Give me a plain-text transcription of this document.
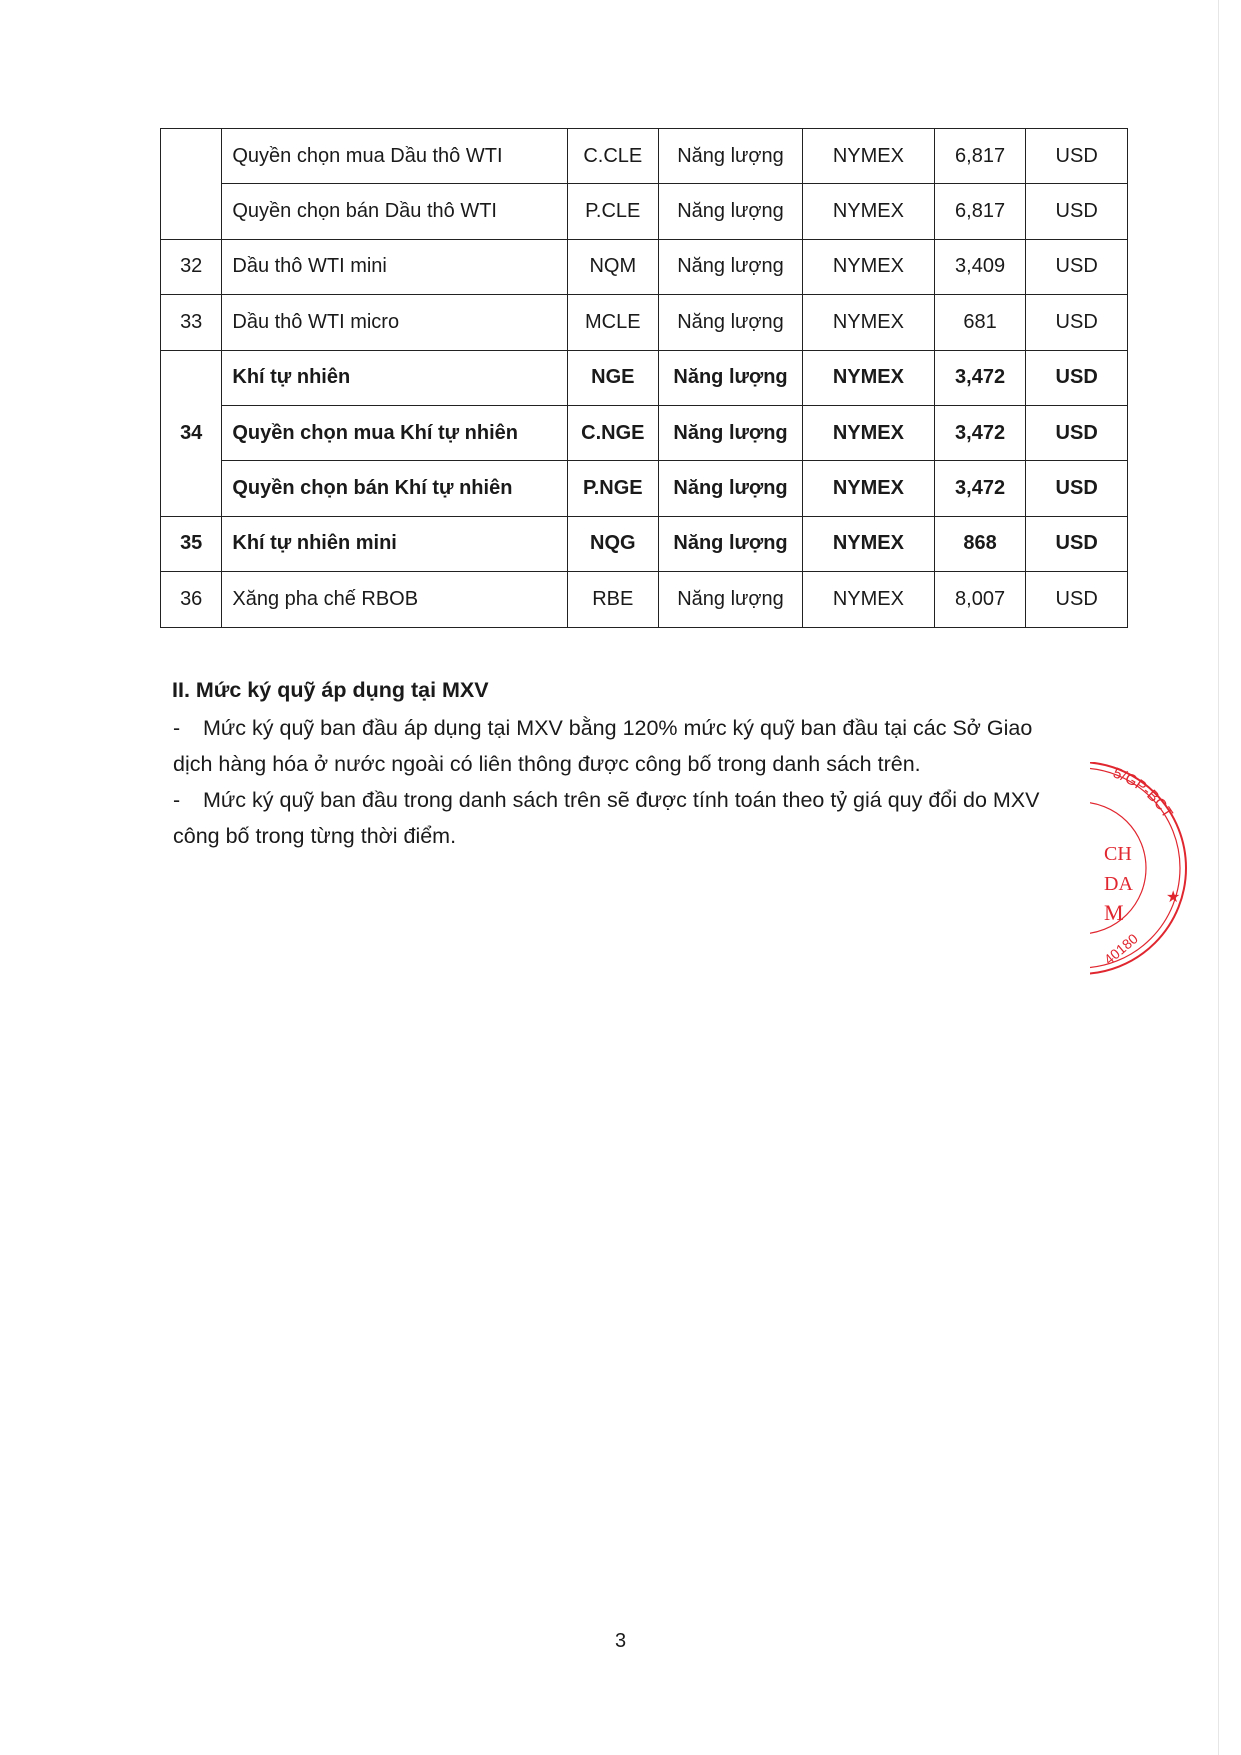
	Quyền chọn mua Dầu thô WTI	C.CLE	Năng lượng	NYMEX	6,817	USD
	Quyền chọn bán Dầu thô WTI	P.CLE	Năng lượng	NYMEX	6,817	USD
32	Dầu thô WTI mini	NQM	Năng lượng	NYMEX	3,409	USD
33	Dầu thô WTI micro	MCLE	Năng lượng	NYMEX	681	USD
34	Khí tự nhiên	NGE	Năng lượng	NYMEX	3,472	USD
	Quyền chọn mua Khí tự nhiên	C.NGE	Năng lượng	NYMEX	3,472	USD
	Quyền chọn bán Khí tự nhiên	P.NGE	Năng lượng	NYMEX	3,472	USD
35	Khí tự nhiên mini	NQG	Năng lượng	NYMEX	868	USD
36	Xăng pha chế RBOB	RBE	Năng lượng	NYMEX	8,007	USD
II. Mức ký quỹ áp dụng tại MXV

- Mức ký quỹ ban đầu áp dụng tại MXV bằng 120% mức ký quỹ ban đầu tại các Sở Giao
dịch hàng hóa ở nước ngoài có liên thông được công bố trong danh sách trên.

- Mức ký quỹ ban đầu trong danh sách trên sẽ được tính toán theo tỷ giá quy đổi do MXV
công bố trong từng thời điểm.

5/GP-BCT
CH
DA
M
★
40180
3
